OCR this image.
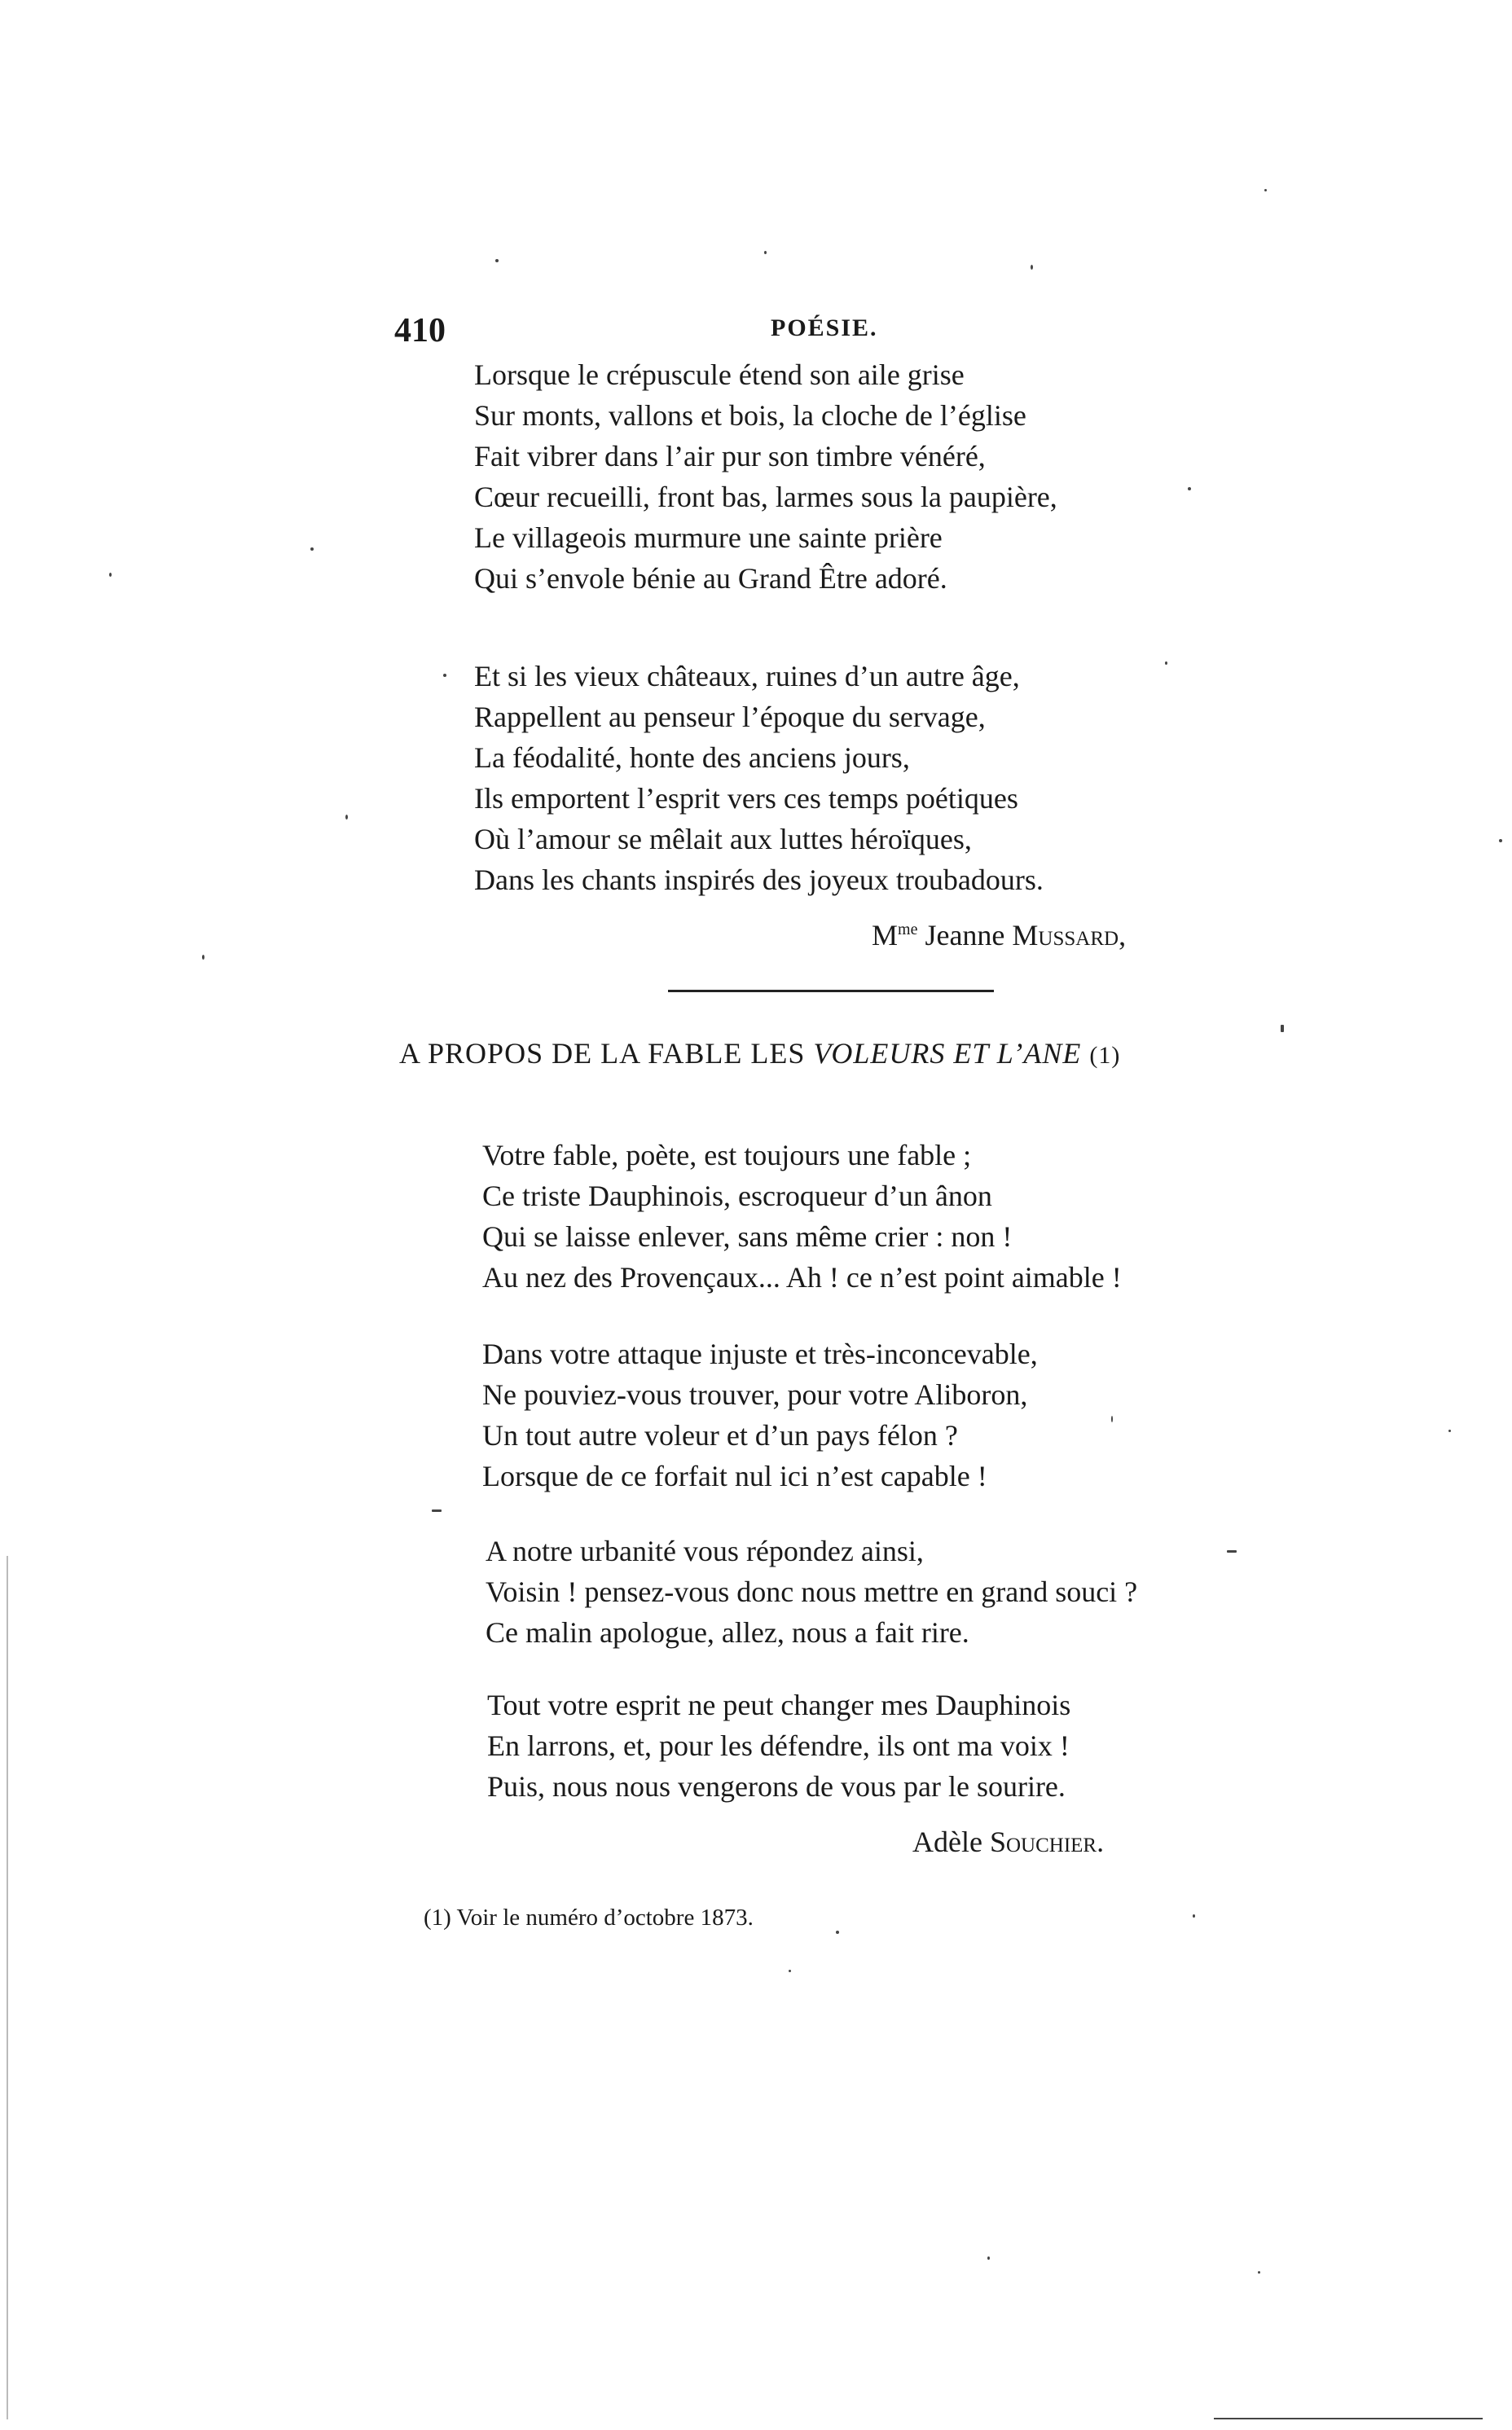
410	POÉSIE.
Lorsque le crépuscule étend son aile grise
Sur monts, vallons et bois, la cloche de l’église
Fait vibrer dans l’air pur son timbre vénéré,
Cœur recueilli, front bas, larmes sous la paupière,
Le villageois murmure une sainte prière
Qui s’envole bénie au Grand Être adoré.
Et si les vieux châteaux, ruines d’un autre âge,
Rappellent au penseur l’époque du servage,
La féodalité, honte des anciens jours,
Ils emportent l’esprit vers ces temps poétiques
Où l’amour se mêlait aux luttes héroïques,
Dans les chants inspirés des joyeux troubadours.
$M^{me}$ Jeanne Mussard,
A PROPOS DE LA FABLE LES VOLEURS ET L’ANE (1)
Votre fable, poète, est toujours une fable ;
Ce triste Dauphinois, escroqueur d’un ânon
Qui se laisse enlever, sans même crier : non !
Au nez des Provençaux... Ah ! ce n’est point aimable !
Dans votre attaque injuste et très-inconcevable,
Ne pouviez-vous trouver, pour votre Aliboron,
Un tout autre voleur et d’un pays félon ?
Lorsque de ce forfait nul ici n’est capable !
A notre urbanité vous répondez ainsi,
Voisin ! pensez-vous donc nous mettre en grand souci ?
Ce malin apologue, allez, nous a fait rire.
Tout votre esprit ne peut changer mes Dauphinois
En larrons, et, pour les défendre, ils ont ma voix !
Puis, nous nous vengerons de vous par le sourire.
Adèle Souchier.
(1) Voir le numéro d’octobre 1873.
